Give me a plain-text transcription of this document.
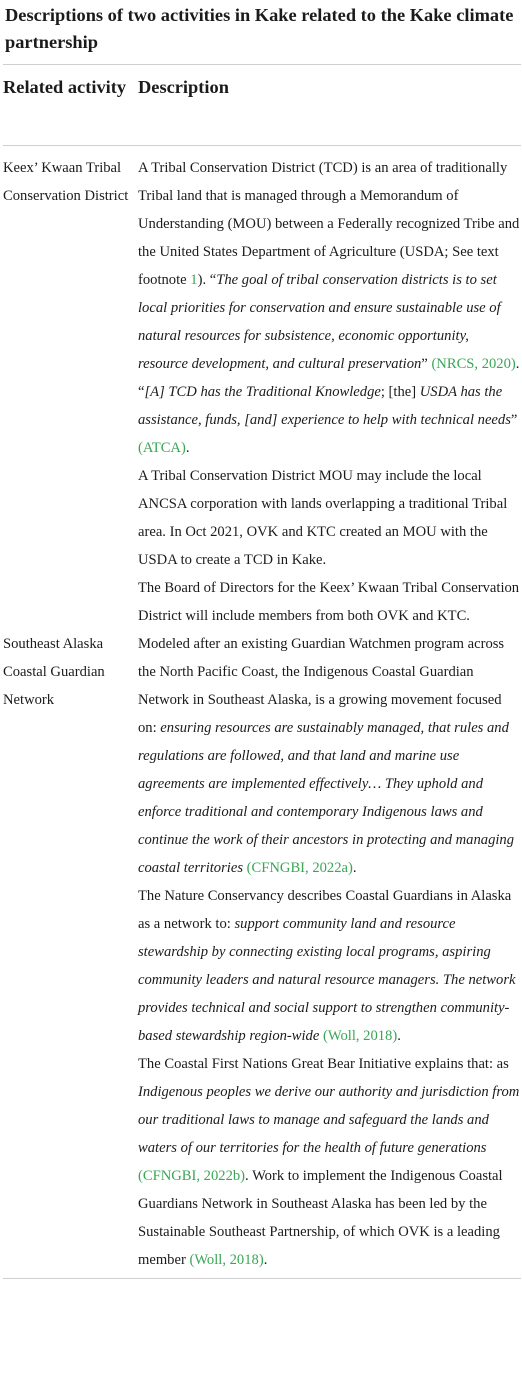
Descriptions of two activities in Kake related to the Kake climate partnership
Related activity Description
Keex’ Kwaan Tribal Conservation District

A Tribal Conservation District (TCD) is an area of traditionally Tribal land that is managed through a Memorandum of Understanding (MOU) between a Federally recognized Tribe and the United States Department of Agriculture (USDA; See text footnote 1). “The goal of tribal conservation districts is to set local priorities for conservation and ensure sustainable use of natural resources for subsistence, economic opportunity, resource development, and cultural preservation” (NRCS, 2020). “[A] TCD has the Traditional Knowledge; [the] USDA has the assistance, funds, [and] experience to help with technical needs” (ATCA).

A Tribal Conservation District MOU may include the local ANCSA corporation with lands overlapping a traditional Tribal area. In Oct 2021, OVK and KTC created an MOU with the USDA to create a TCD in Kake.

The Board of Directors for the Keex’ Kwaan Tribal Conservation District will include members from both OVK and KTC.

Southeast Alaska Coastal Guardian Network

Modeled after an existing Guardian Watchmen program across the North Pacific Coast, the Indigenous Coastal Guardian Network in Southeast Alaska, is a growing movement focused on: ensuring resources are sustainably managed, that rules and regulations are followed, and that land and marine use agreements are implemented effectively… They uphold and enforce traditional and contemporary Indigenous laws and continue the work of their ancestors in protecting and managing coastal territories (CFNGBI, 2022a).

The Nature Conservancy describes Coastal Guardians in Alaska as a network to: support community land and resource stewardship by connecting existing local programs, aspiring community leaders and natural resource managers. The network provides technical and social support to strengthen community-based stewardship region-wide (Woll, 2018).

The Coastal First Nations Great Bear Initiative explains that: as Indigenous peoples we derive our authority and jurisdiction from our traditional laws to manage and safeguard the lands and waters of our territories for the health of future generations (CFNGBI, 2022b). Work to implement the Indigenous Coastal Guardians Network in Southeast Alaska has been led by the Sustainable Southeast Partnership, of which OVK is a leading member (Woll, 2018).
